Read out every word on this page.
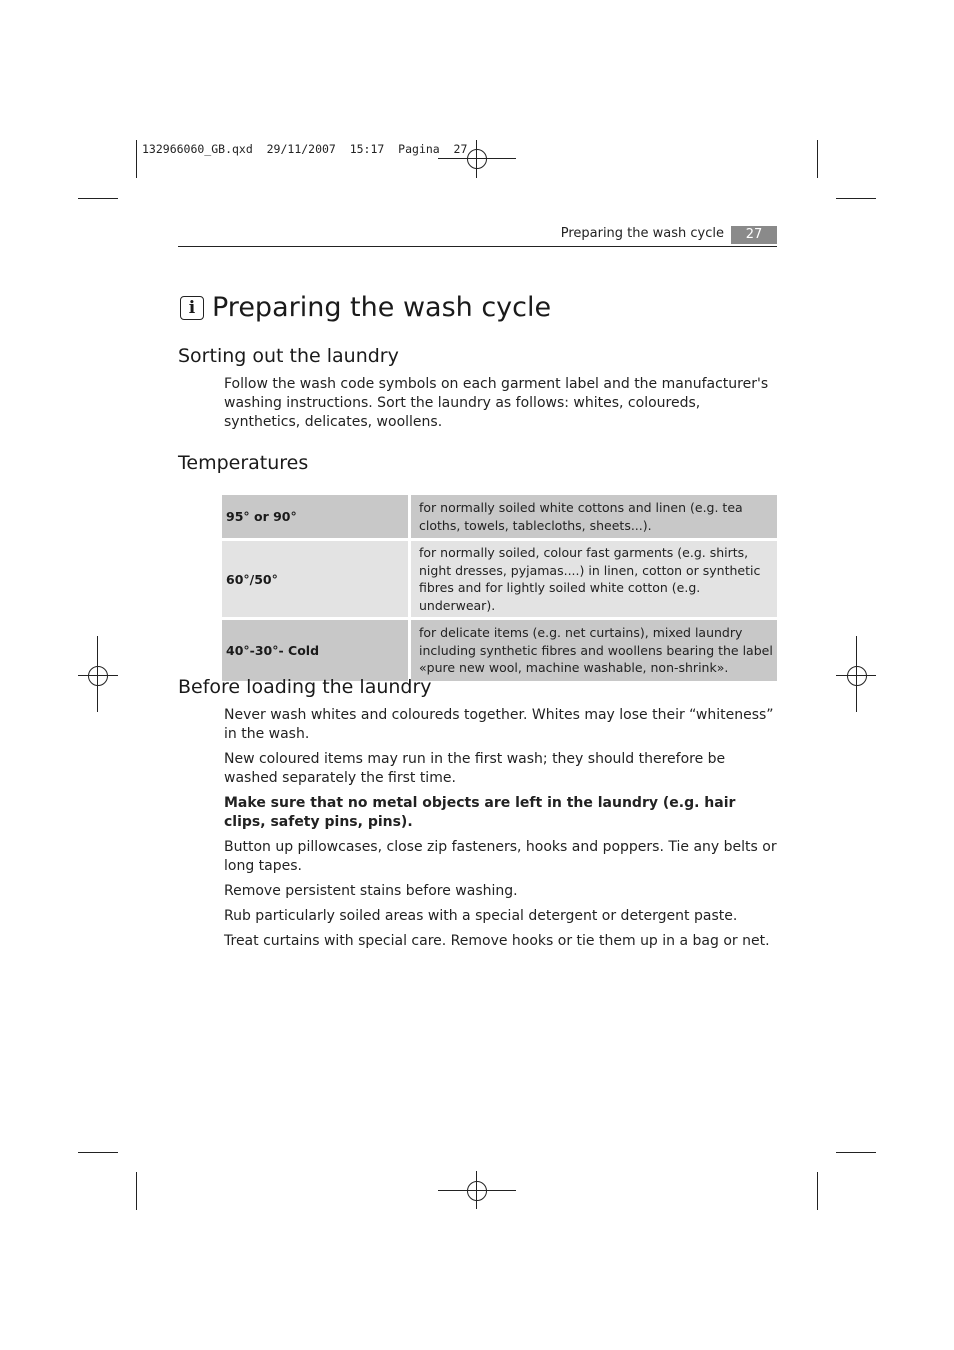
132966060_GB.qxd  29/11/2007  15:17  Pagina  27
Preparing the wash cycle	27
i Preparing the wash cycle
Sorting out the laundry
Follow the wash code symbols on each garment label and the manufacturer's washing instructions. Sort the laundry as follows: whites, coloureds, synthetics, delicates, woollens.
Temperatures
95° or 90°	for normally soiled white cottons and linen (e.g. tea cloths, towels, tablecloths, sheets...).

60°/50°	for normally soiled, colour fast garments (e.g. shirts, night dresses, pyjamas....) in linen, cotton or synthetic fibres and for lightly soiled white cotton (e.g. underwear).

40°-30°- Cold	for delicate items (e.g. net curtains), mixed laundry including synthetic fibres and woollens bearing the label «pure new wool, machine washable, non-shrink».
Before loading the laundry
Never wash whites and coloureds together. Whites may lose their “whiteness” in the wash.
New coloured items may run in the first wash; they should therefore be washed separately the first time.
Make sure that no metal objects are left in the laundry (e.g. hair clips, safety pins, pins).
Button up pillowcases, close zip fasteners, hooks and poppers. Tie any belts or long tapes.
Remove persistent stains before washing.
Rub particularly soiled areas with a special detergent or detergent paste.
Treat curtains with special care. Remove hooks or tie them up in a bag or net.
